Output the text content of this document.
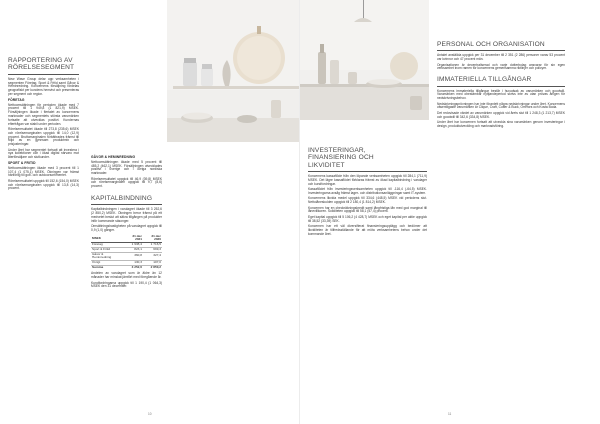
RAPPORTERING AV RÖRELSESEGMENT

New Wave Group delar upp verksamheten i segmenten Företag, Sport & Fritid samt Gåvor & Heminredning. Koncernens försäljning fördelas geografiskt per kundens hemvist och presenteras per segment och region.

FÖRETAG

Nettoomsättningen för perioden ökade med 7 procent till 1 949,8 (1 821,9) MSEK. Försäljningen ökade i flertalet av koncernens marknader och segmentets största varumärken fortsatte att utvecklas positivt. Kundernas efterfrågan var stabil under perioden.

Rörelseresultatet ökade till 273,8 (235,6) MSEK och rörelsemarginalen uppgick till 14,0 (12,9) procent. Bruttomarginalen förbättrades främst till följd av en gynnsam produktmix och prisjusteringar.

Under året har segmentet fortsatt att investera i nya kollektioner och i ökad digital närvaro mot återförsäljare och slutkunder.

SPORT & FRITID

Nettoomsättningen ökade med 3 procent till 1 107,4 (1 075,1) MSEK. Ökningen var främst hänförlig till golf- och outdoorsortimentet.

Rörelseresultatet uppgick till 152,6 (154,0) MSEK och rörelsemarginalen uppgick till 13,8 (14,3) procent.

GÅVOR & HEMINREDNING

Nettoomsättningen ökade med 5 procent till 485,2 (462,1) MSEK. Försäljningen utvecklades positivt i Sverige och i övriga nordiska marknader.

Rörelseresultatet uppgick till 46,9 (39,8) MSEK och rörelsemarginalen uppgick till 9,7 (8,6) procent.

KAPITALBINDNING

Kapitalbindningen i varulagret ökade till 3 252,6 (2 850,2) MSEK. Ökningen beror främst på ett medvetet beslut att säkra tillgången på produkter inför kommande säsonger.

Omsättningshastigheten på varulagret uppgick till 0,9 (1,0) gånger.

MSEK	31 dec 2021	31 dec 2020
Företag	1 938,4	1 716,5
Sport & Fritid	823,1	699,3
Gåvor & Heminredning	360,8	327,4
Övrigt	130,3	107,0
Summa	3 252,6	2 850,2

Andelen av varulagret som är äldre än 12 månader har minskat jämfört med föregående år.

Kundfordringarna uppgick till 1 190,4 (1 064,3) MSEK den 31 december.

10
INVESTERINGAR, FINANSIERING OCH LIKVIDITET

Koncernens kassaflöde från den löpande verksamheten uppgick till 284,1 (711,9) MSEK. Det lägre kassaflödet förklaras främst av ökad kapitalbindning i varulager och kundfordringar.

Kassaflödet från investeringsverksamheten uppgick till -116,4 (-64,5) MSEK. Investeringarna avsåg främst lager- och distributionsanläggningar samt IT-system.

Koncernens likvida medel uppgick till 334,6 (448,5) MSEK vid periodens slut. Nettolåneskulden uppgick till 2 180,4 (1 814,2) MSEK.

Koncernen har en checkräkningskredit samt långfristiga lån med god marginal till lånevillkoren. Soliditeten uppgick till 58,1 (57,4) procent.

Eget kapital uppgick till 5 106,2 (4 428,7) MSEK och eget kapital per aktie uppgick till 38,52 (33,39) SEK.

Koncernen har ett väl diversifierat finansieringsupplägg och bedömer att likviditeten är tillfredsställande för att möta verksamhetens behov under det kommande året.

PERSONAL OCH ORGANISATION

Antalet anställda uppgick per 31 december till 2 351 (2 286) personer varav 53 procent var kvinnor och 47 procent män.

Organisationen är decentraliserad och varje dotterbolag ansvarar för sin egen verksamhet inom ramen för koncernens gemensamma riktlinjer och policyer.

IMMATERIELLA TILLGÅNGAR

Koncernens immateriella tillgångar består i huvudsak av varumärken och goodwill. Varumärken med obestämbar nyttjandeperiod skrivs inte av utan prövas årligen för nedskrivningsbehov.

Nedskrivningsprövningen har inte föranlett några nedskrivningar under året. Koncernens väsentligaste varumärken är Clique, Craft, Cutter & Buck, Orrefors och Kosta Boda.

Det redovisade värdet av varumärken uppgick vid årets slut till 1 248,3 (1 213,7) MSEK och goodwill till 342,6 (334,8) MSEK.

Under året har koncernen fortsatt att utveckla sina varumärken genom investeringar i design, produktutveckling och marknadsföring.

11
